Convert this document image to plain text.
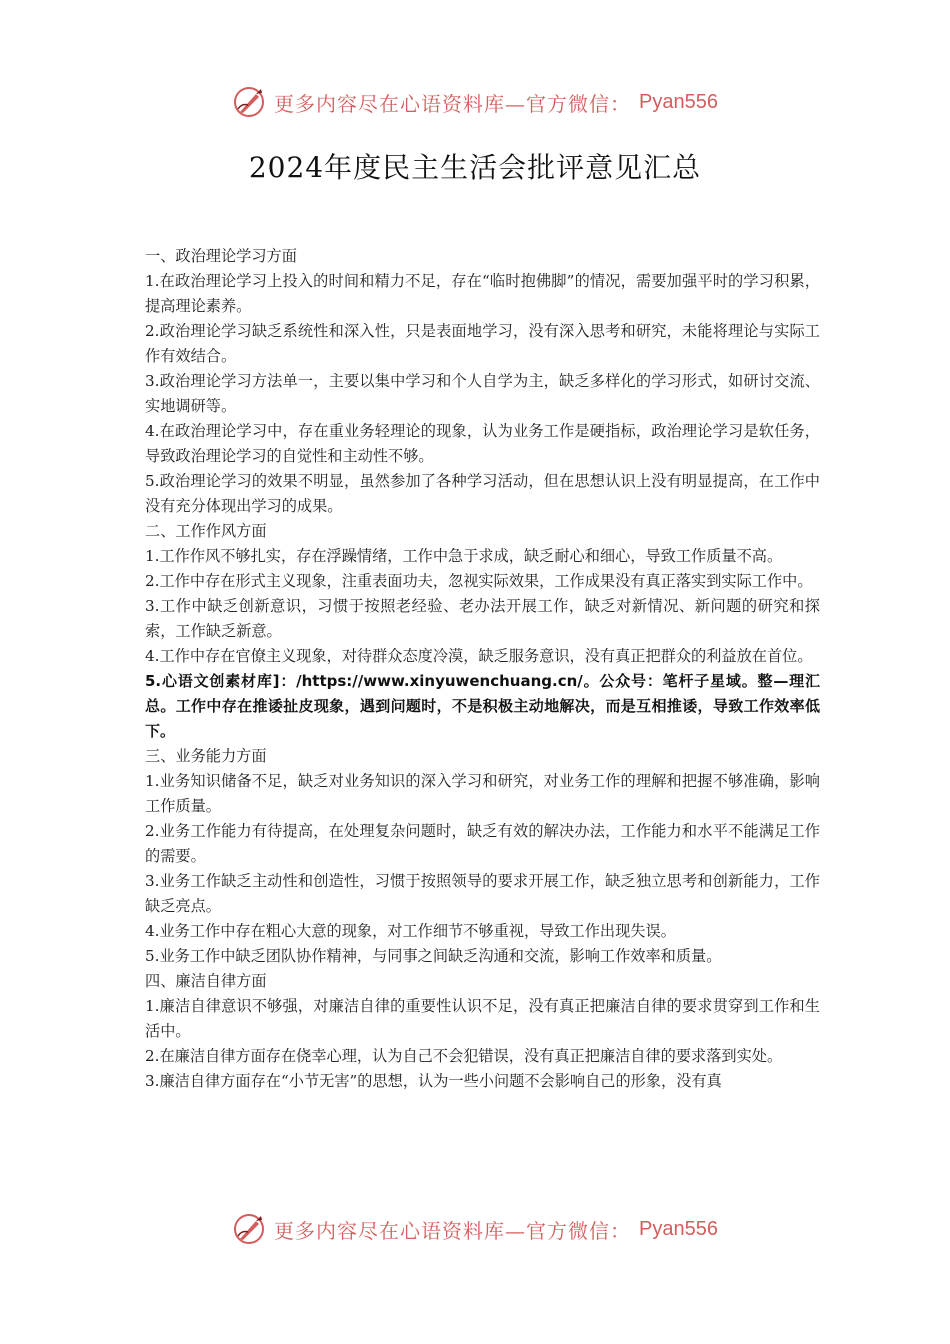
更多内容尽在心语资料库—官方微信： Pyan556
2024年度民主生活会批评意见汇总

一、政治理论学习方面

1.在政治理论学习上投入的时间和精力不足，存在“临时抱佛脚”的情况，需要加强平时的学习积累，提高理论素养。

2.政治理论学习缺乏系统性和深入性，只是表面地学习，没有深入思考和研究，未能将理论与实际工作有效结合。

3.政治理论学习方法单一，主要以集中学习和个人自学为主，缺乏多样化的学习形式，如研讨交流、实地调研等。

4.在政治理论学习中，存在重业务轻理论的现象，认为业务工作是硬指标，政治理论学习是软任务，导致政治理论学习的自觉性和主动性不够。

5.政治理论学习的效果不明显，虽然参加了各种学习活动，但在思想认识上没有明显提高，在工作中没有充分体现出学习的成果。

二、工作作风方面

1.工作作风不够扎实，存在浮躁情绪，工作中急于求成，缺乏耐心和细心，导致工作质量不高。

2.工作中存在形式主义现象，注重表面功夫，忽视实际效果，工作成果没有真正落实到实际工作中。

3.工作中缺乏创新意识，习惯于按照老经验、老办法开展工作，缺乏对新情况、新问题的研究和探索，工作缺乏新意。

4.工作中存在官僚主义现象，对待群众态度冷漠，缺乏服务意识，没有真正把群众的利益放在首位。

5.心语文创素材库]：/https://www.xinyuwenchuang.cn/。公众号：笔杆子星域。整—理汇总。工作中存在推诿扯皮现象，遇到问题时，不是积极主动地解决，而是互相推诿，导致工作效率低下。

三、业务能力方面

1.业务知识储备不足，缺乏对业务知识的深入学习和研究，对业务工作的理解和把握不够准确，影响工作质量。

2.业务工作能力有待提高，在处理复杂问题时，缺乏有效的解决办法，工作能力和水平不能满足工作的需要。

3.业务工作缺乏主动性和创造性，习惯于按照领导的要求开展工作，缺乏独立思考和创新能力，工作缺乏亮点。

4.业务工作中存在粗心大意的现象，对工作细节不够重视，导致工作出现失误。

5.业务工作中缺乏团队协作精神，与同事之间缺乏沟通和交流，影响工作效率和质量。

四、廉洁自律方面

1.廉洁自律意识不够强，对廉洁自律的重要性认识不足，没有真正把廉洁自律的要求贯穿到工作和生活中。

2.在廉洁自律方面存在侥幸心理，认为自己不会犯错误，没有真正把廉洁自律的要求落到实处。

3.廉洁自律方面存在“小节无害”的思想，认为一些小问题不会影响自己的形象，没有真

更多内容尽在心语资料库—官方微信： Pyan556
